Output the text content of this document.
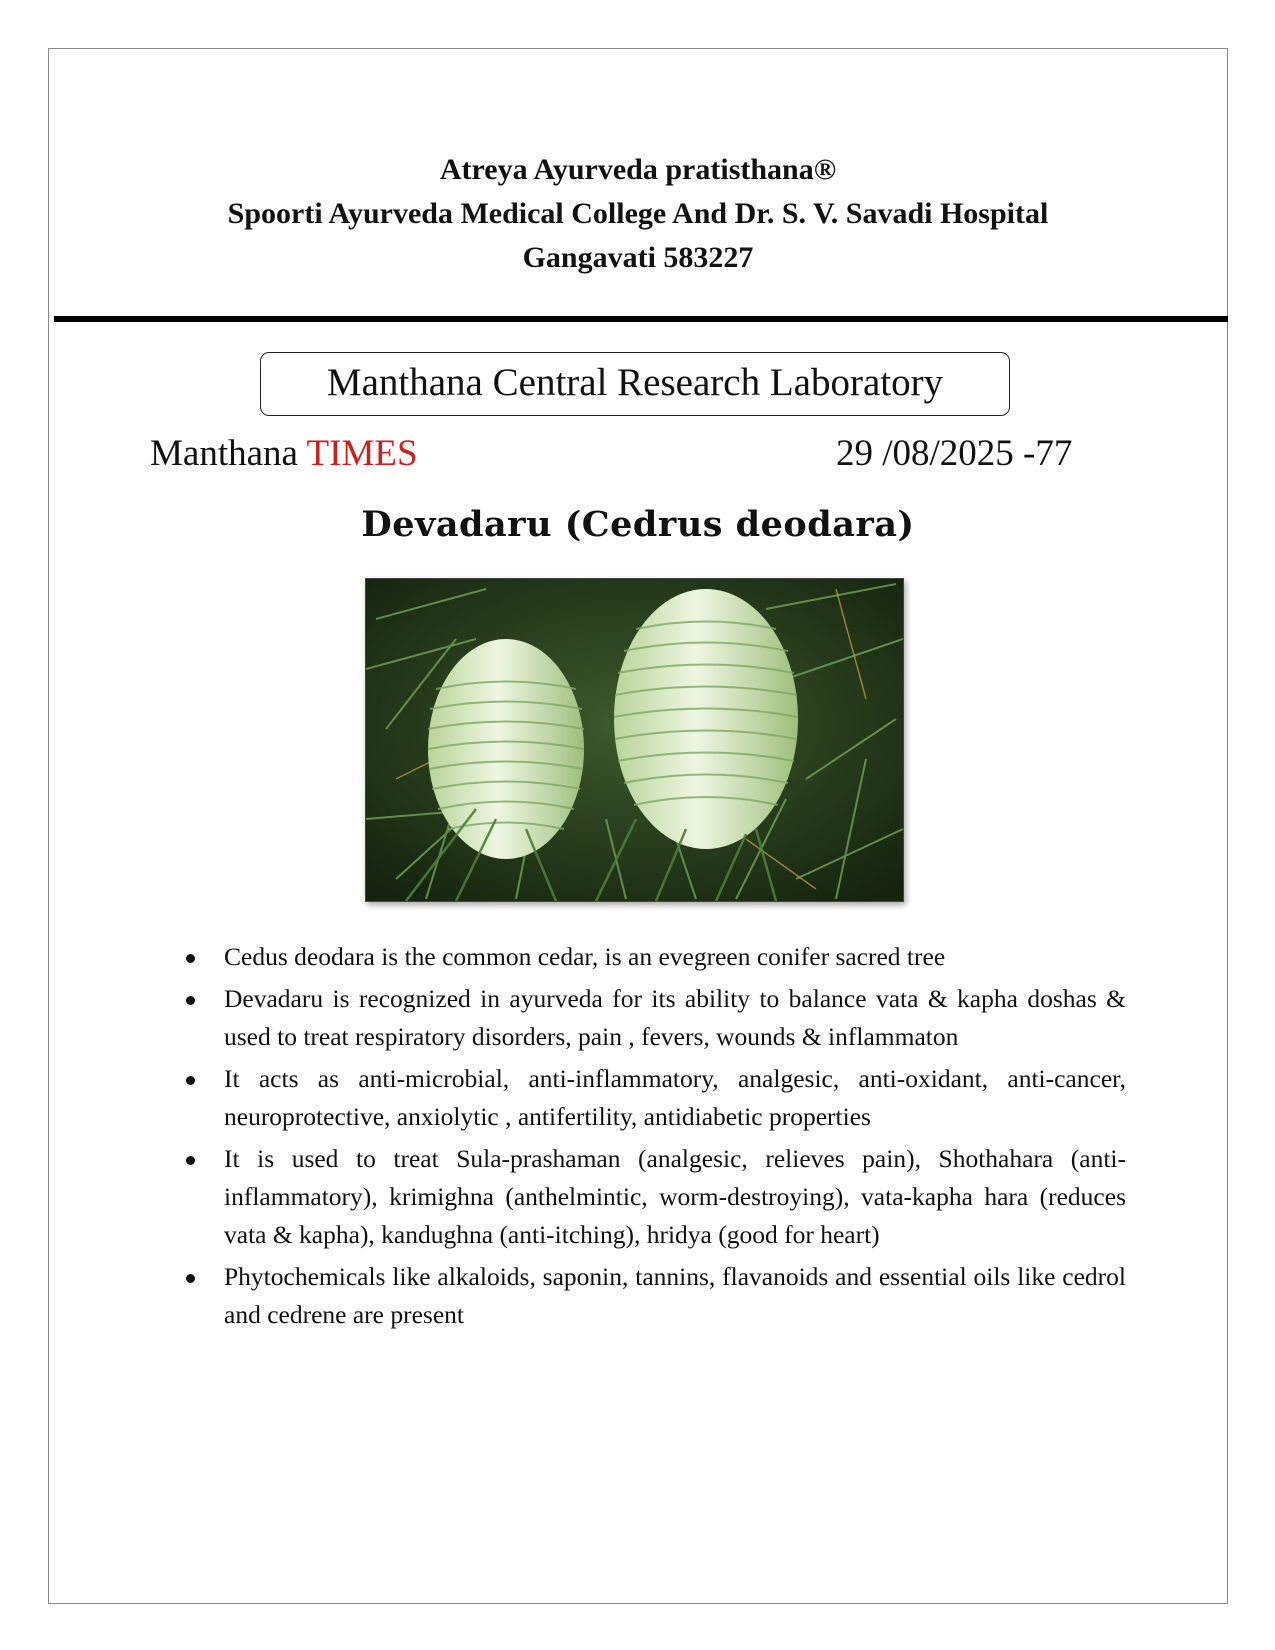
Atreya Ayurveda pratisthana®
Spoorti Ayurveda Medical College And Dr. S. V. Savadi Hospital
Gangavati 583227
Manthana Central Research Laboratory
Manthana TIMES	29 /08/2025 -77
Devadaru (Cedrus deodara)
Cedus deodara is the common cedar, is an evegreen conifer sacred tree
Devadaru is recognized in ayurveda for its ability to balance vata & kapha doshas & used to treat respiratory disorders, pain , fevers, wounds & inflammaton
It acts as anti-microbial, anti-inflammatory, analgesic, anti-oxidant, anti-cancer, neuroprotective, anxiolytic , antifertility, antidiabetic properties
It is used to treat Sula-prashaman (analgesic, relieves pain), Shothahara (anti-inflammatory), krimighna (anthelmintic, worm-destroying), vata-kapha hara (reduces vata & kapha), kandughna (anti-itching), hridya (good for heart)
Phytochemicals like alkaloids, saponin, tannins, flavanoids and essential oils like cedrol and cedrene are present
